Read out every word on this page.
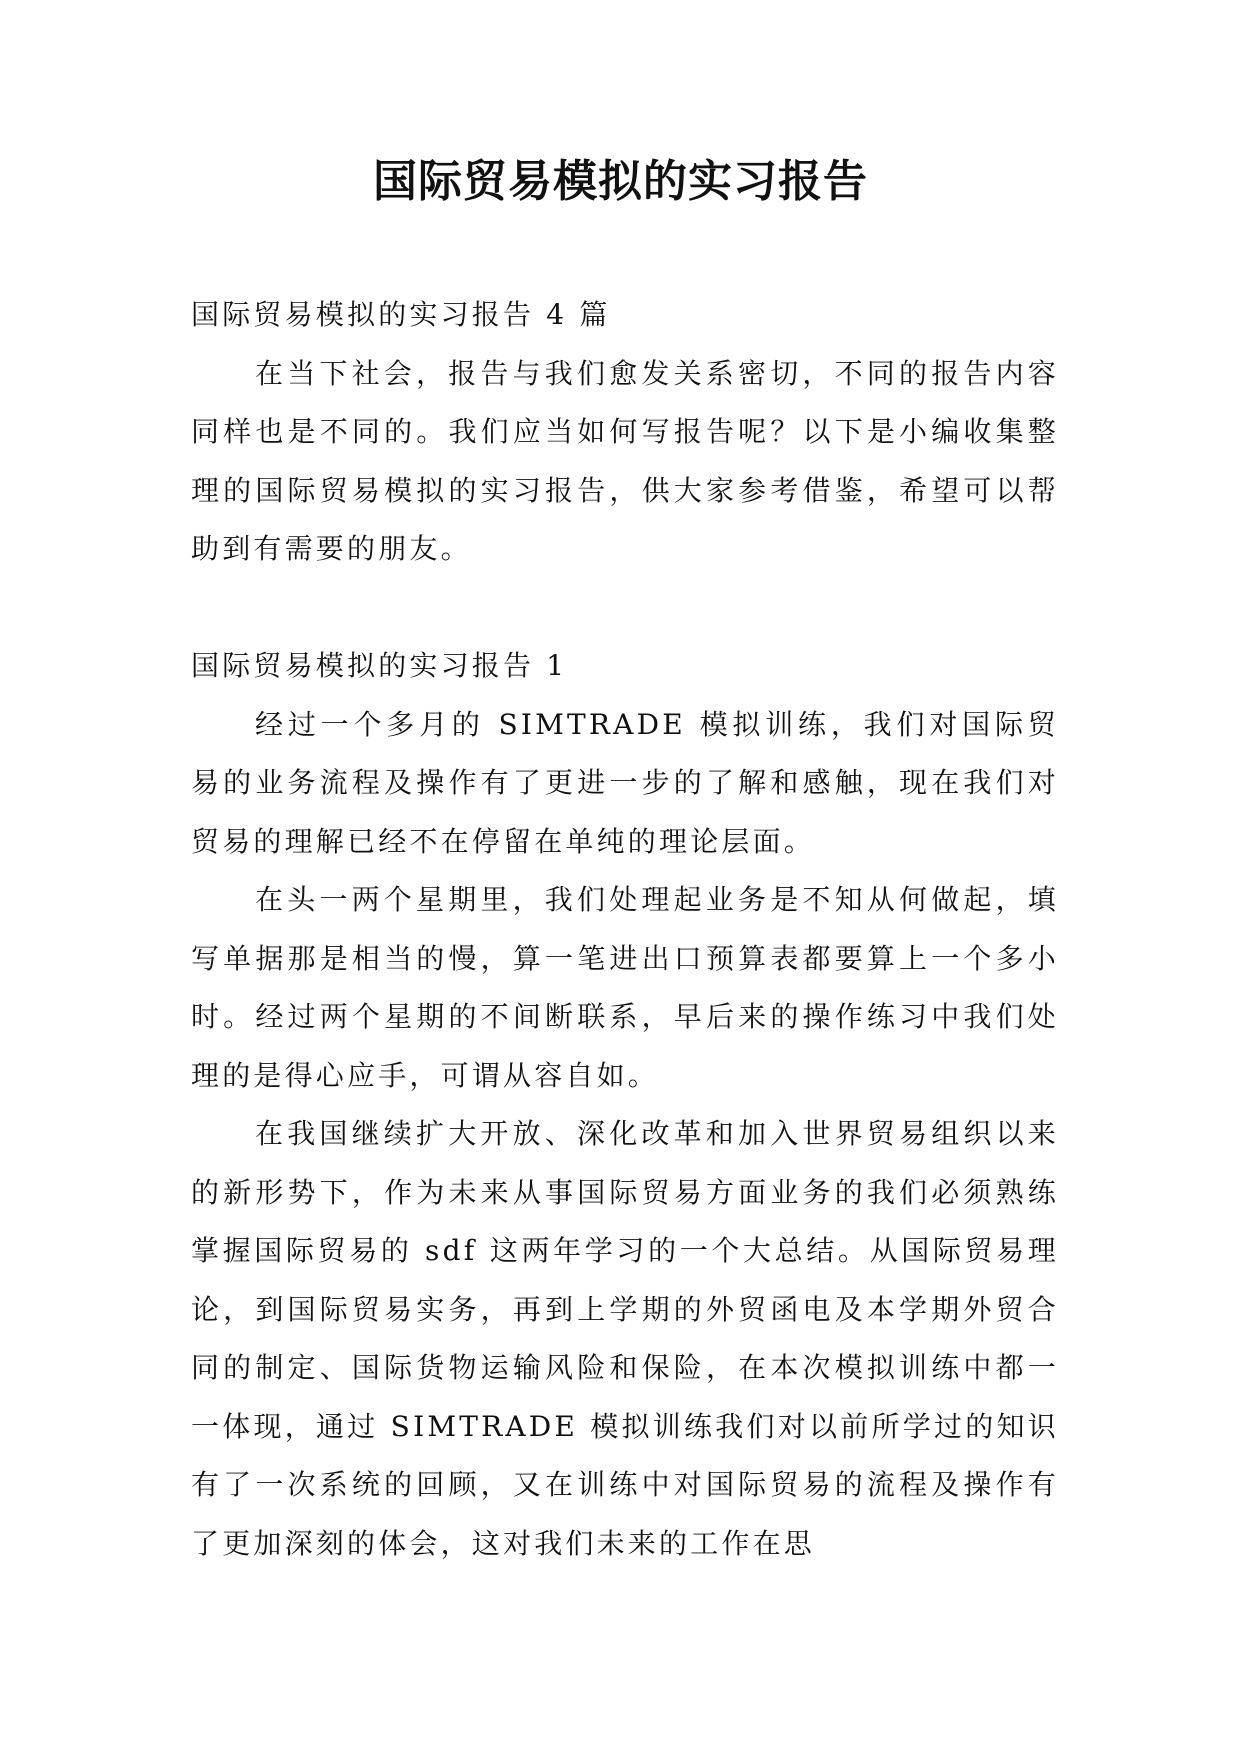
国际贸易模拟的实习报告

国际贸易模拟的实习报告 4 篇

在当下社会，报告与我们愈发关系密切，不同的报告内容同样也是不同的。我们应当如何写报告呢？以下是小编收集整理的国际贸易模拟的实习报告，供大家参考借鉴，希望可以帮助到有需要的朋友。

国际贸易模拟的实习报告 1

经过一个多月的 SIMTRADE 模拟训练，我们对国际贸易的业务流程及操作有了更进一步的了解和感触，现在我们对贸易的理解已经不在停留在单纯的理论层面。

在头一两个星期里，我们处理起业务是不知从何做起，填写单据那是相当的慢，算一笔进出口预算表都要算上一个多小时。经过两个星期的不间断联系，早后来的操作练习中我们处理的是得心应手，可谓从容自如。

在我国继续扩大开放、深化改革和加入世界贸易组织以来的新形势下，作为未来从事国际贸易方面业务的我们必须熟练掌握国际贸易的 sdf 这两年学习的一个大总结。从国际贸易理论，到国际贸易实务，再到上学期的外贸函电及本学期外贸合同的制定、国际货物运输风险和保险，在本次模拟训练中都一一体现，通过 SIMTRADE 模拟训练我们对以前所学过的知识有了一次系统的回顾，又在训练中对国际贸易的流程及操作有了更加深刻的体会，这对我们未来的工作在思
